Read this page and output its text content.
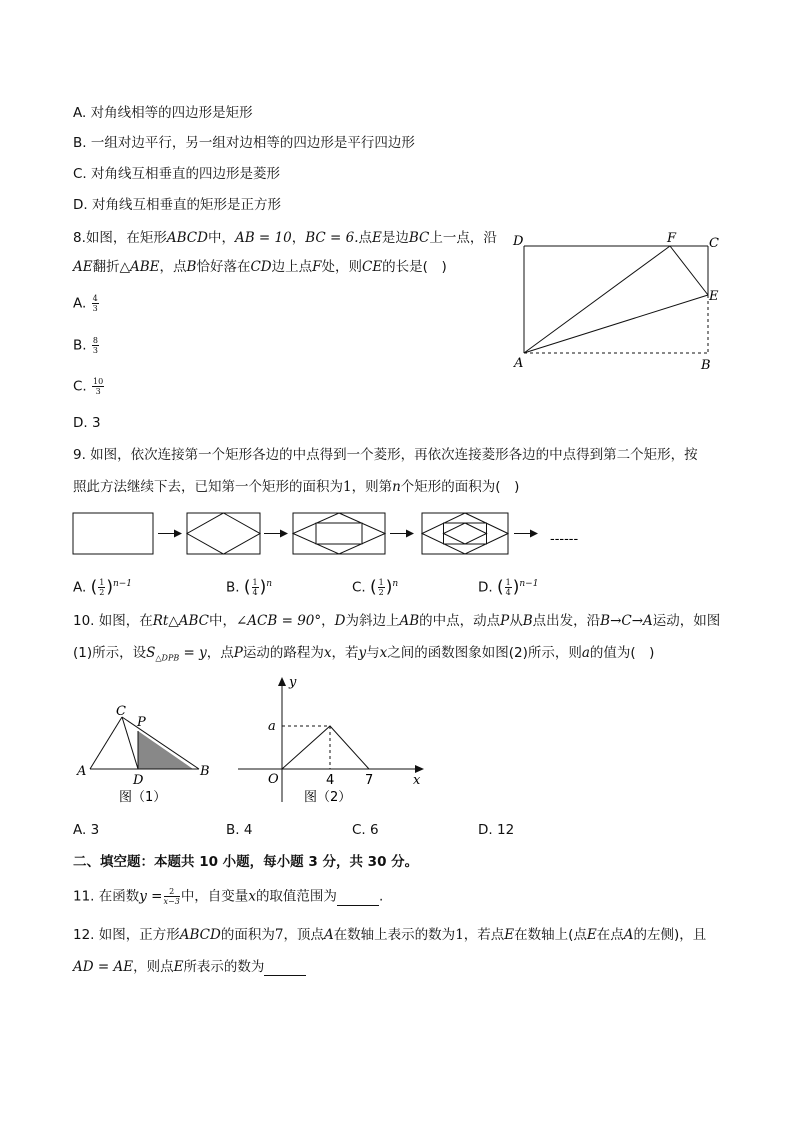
A. 对角线相等的四边形是矩形
B. 一组对边平行，另一组对边相等的四边形是平行四边形
C. 对角线互相垂直的四边形是菱形
D. 对角线互相垂直的矩形是正方形
8.如图，在矩形ABCD中，AB = 10，BC = 6.点E是边BC上一点，沿
AE翻折△ABE，点B恰好落在CD边上点F处，则CE的长是(　)
A. $\frac{4}{3}$
B. $\frac{8}{3}$
C. $\frac{10}{3}$
D. 3
D	F	C
E
A	B
9. 如图，依次连接第一个矩形各边的中点得到一个菱形，再依次连接菱形各边的中点得到第二个矩形，按
照此方法继续下去，已知第一个矩形的面积为1，则第n个矩形的面积为(　)
------
A. ( $\frac{1}{2} )^{n-1}$	B. ( $\frac{1}{4} )^n$	C. ( $\frac{1}{2} )^n$	D. ( $\frac{1}{4} )^{n-1}$
10. 如图，在Rt△ABC中，∠ACB = 90°，D为斜边上AB的中点，动点P从B点出发，沿B→C→A运动，如图
(1)所示，设$S_{\triangle DPB} = y$，点P运动的路程为x，若y与x之间的函数图象如图(2)所示，则a的值为(　)
C
P
A
D
B
图（1）
y
a
O	4 7	x
图（2）
A. 3	B. 4	C. 6	D. 12
二、填空题：本题共 10 小题，每小题 3 分，共 30 分。
11. 在函数$y = \frac{2}{x-3}$ 中，自变量x的取值范围为	.
12. 如图，正方形ABCD的面积为7，顶点A在数轴上表示的数为1，若点E在数轴上(点E在点A的左侧)，且
AD = AE，则点E所表示的数为
